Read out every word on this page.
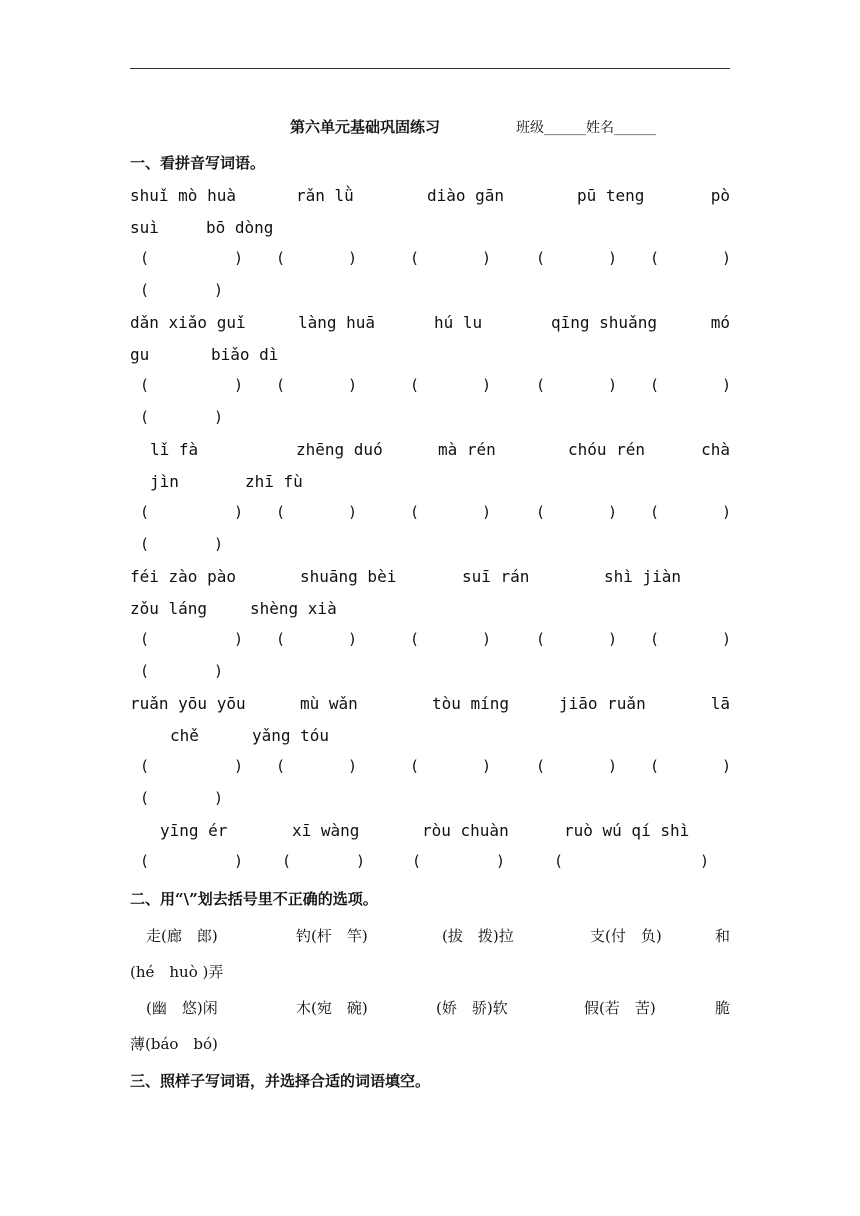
第六单元基础巩固练习	班级______姓名______
一、看拼音写词语。
shuǐ mò huà	rǎn lǜ	diào gān	pū teng	pò
suì	bō dòng
(	) (	)	(	)	(	) (	)
(	)
dǎn xiǎo guǐ	làng huā	hú lu	qīng shuǎng	mó
gu	biǎo dì
(	) (	)	(	)	(	) (	)
(	)
lǐ fà	zhēng duó	mà rén	chóu rén	chà
jìn	zhī fù
(	) (	)	(	)	(	) (	)
(	)
féi zào pào	shuāng bèi	suī rán	shì jiàn
zǒu láng	shèng xià
(	) (	)	(	)	(	) (	)
(	)
ruǎn yōu yōu	mù wǎn	tòu míng	jiāo ruǎn	lā
chě	yǎng tóu
(	) (	)	(	)	(	) (	)
(	)
yīng ér	xī wàng	ròu chuàn	ruò wú qí shì
(	)	(	)	(	)	(	)
二、用“\”划去括号里不正确的选项。
走(廊　郎)	钓(杆　竿)	(拔　拨)拉	支(付　负)	和
(hé　huò )弄
(幽　悠)闲	木(宛　碗)	(娇　骄)软	假(若　苦)	脆
薄(báo　bó)
三、照样子写词语，并选择合适的词语填空。
